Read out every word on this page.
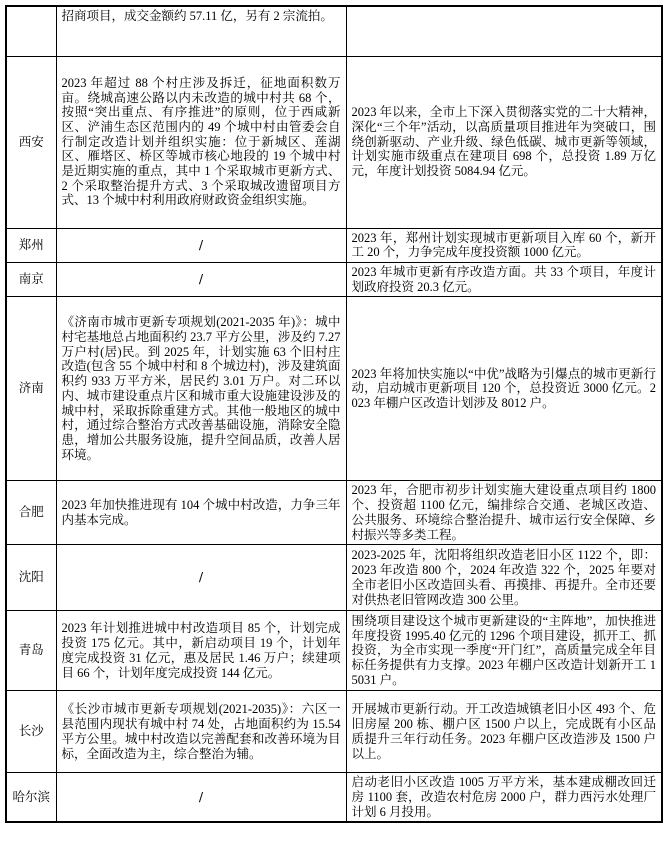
	招商项目，成交金额约 57.11 亿，另有 2 宗流拍。	
西安	2023 年超过 88 个村庄涉及拆迁，征地面积数万亩。绕城高速公路以内未改造的城中村共 68 个，按照“突出重点、有序推进”的原则，位于西咸新区、浐浦生态区范围内的 49 个城中村由管委会自行制定改造计划并组织实施：位于新城区、莲湖区、雁塔区、桥区等城市核心地段的 19 个城中村是近期实施的重点，其中 1 个采取城市更新方式、2 个采取整治提升方式、3 个采取城改遗留项目方式、13 个城中村利用政府财政资金组织实施。	2023 年以来，全市上下深入贯彻落实党的二十大精神，深化“三个年”活动，以高质量项目推进年为突破口，围绕创新驱动、产业升级、绿色低碳、城市更新等领域，计划实施市级重点在建项目 698 个，总投资 1.89 万亿元，年度计划投资 5084.94 亿元。
郑州	/	2023 年，郑州计划实现城市更新项目入库 60 个，新开工 20 个，力争完成年度投资额 1000 亿元。
南京	/	2023 年城市更新有序改造方面。共 33 个项目，年度计划政府投资 20.3 亿元。
济南	《济南市城市更新专项规划(2021-2035 年)》：城中村宅基地总占地面积约 23.7 平方公里，涉及约 7.27 万户村(居)民。到 2025 年，计划实施 63 个旧村庄改造(包含 55 个城中村和 8 个城边村)，涉及建筑面积约 933 万平方米，居民约 3.01 万户。对二环以内、城市建设重点片区和城市重大设施建设涉及的城中村，采取拆除重建方式。其他一般地区的城中村，通过综合整治方式改善基础设施，消除安全隐患，增加公共服务设施，提升空间品质，改善人居环境。	2023 年将加快实施以“中优”战略为引爆点的城市更新行动，启动城市更新项目 120 个，总投资近 3000 亿元。2023 年棚户区改造计划涉及 8012 户。
合肥	2023 年加快推进现有 104 个城中村改造，力争三年内基本完成。	2023 年，合肥市初步计划实施大建设重点项目约 1800 个、投资超 1100 亿元，编排综合交通、老城区改造、公共服务、环境综合整治提升、城市运行安全保障、乡村振兴等多类工程。
沈阳	/	2023-2025 年，沈阳将组织改造老旧小区 1122 个，即：2023 年改造 800 个，2024 年改造 322 个，2025 年要对全市老旧小区改造回头看、再摸排、再提升。全市还要对供热老旧管网改造 300 公里。
青岛	2023 年计划推进城中村改造项目 85 个，计划完成投资 175 亿元。其中，新启动项目 19 个，计划年度完成投资 31 亿元，惠及居民 1.46 万户；续建项目 66 个，计划年度完成投资 144 亿元。	围绕项目建设这个城市更新建设的“主阵地”，加快推进年度投资 1995.40 亿元的 1296 个项目建设，抓开工、抓投资，为全市实现一季度“开门红”，高质量完成全年目标任务提供有力支撑。2023 年棚户区改造计划新开工 15031 户。
长沙	《长沙市城市更新专项规划(2021-2035)》：六区一县范围内现状有城中村 74 处，占地面积约为 15.54 平方公里。城中村改造以完善配套和改善环境为目标，全面改造为主，综合整治为辅。	开展城市更新行动。开工改造城镇老旧小区 493 个、危旧房屋 200 栋、棚户区 1500 户以上，完成既有小区品质提升三年行动任务。2023 年棚户区改造涉及 1500 户以上。
哈尔滨	/	启动老旧小区改造 1005 万平方米，基本建成棚改回迁房 1100 套，改造农村危房 2000 户，群力西污水处理厂计划 6 月投用。
